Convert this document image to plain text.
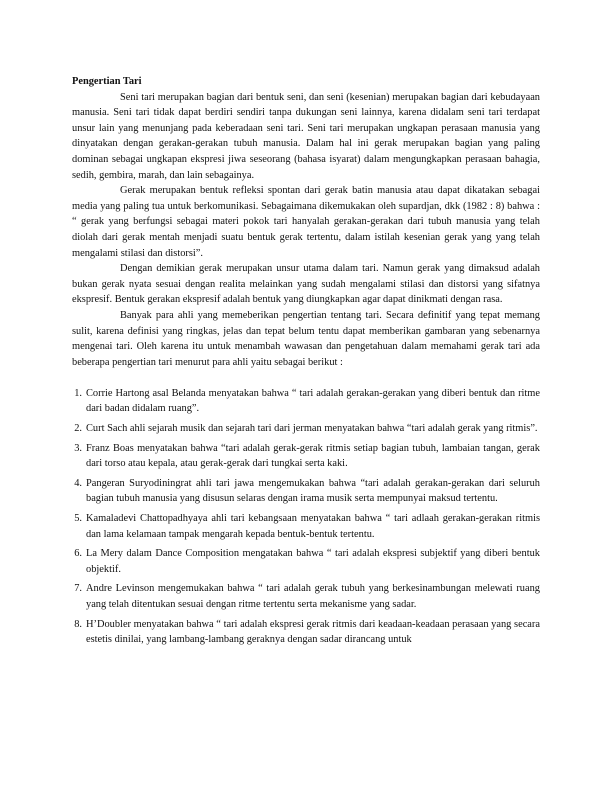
Pengertian Tari

Seni tari merupakan bagian dari bentuk seni, dan seni (kesenian) merupakan bagian dari kebudayaan manusia. Seni tari tidak dapat berdiri sendiri tanpa dukungan seni lainnya, karena didalam seni tari terdapat unsur lain yang menunjang pada keberadaan seni tari. Seni tari merupakan ungkapan perasaan manusia yang dinyatakan dengan gerakan-gerakan tubuh manusia. Dalam hal ini gerak merupakan bagian yang paling dominan sebagai ungkapan ekspresi jiwa seseorang (bahasa isyarat) dalam mengungkapkan perasaan bahagia, sedih, gembira, marah, dan lain sebagainya.

Gerak merupakan bentuk refleksi spontan dari gerak batin manusia atau dapat dikatakan sebagai media yang paling tua untuk berkomunikasi. Sebagaimana dikemukakan oleh supardjan, dkk (1982 : 8) bahwa : “ gerak yang berfungsi sebagai materi pokok tari hanyalah gerakan-gerakan dari tubuh manusia yang telah diolah dari gerak mentah menjadi suatu bentuk gerak tertentu, dalam istilah kesenian gerak yang yang telah mengalami stilasi dan distorsi”.

Dengan demikian gerak merupakan unsur utama dalam tari. Namun gerak yang dimaksud adalah bukan gerak nyata sesuai dengan realita melainkan yang sudah mengalami stilasi dan distorsi yang sifatnya ekspresif. Bentuk gerakan ekspresif adalah bentuk yang diungkapkan agar dapat dinikmati dengan rasa.

Banyak para ahli yang memeberikan pengertian tentang tari. Secara definitif yang tepat memang sulit, karena definisi yang ringkas, jelas dan tepat belum tentu dapat memberikan gambaran yang sebenarnya mengenai tari. Oleh karena itu untuk menambah wawasan dan pengetahuan dalam memahami gerak tari ada beberapa pengertian tari menurut para ahli yaitu sebagai berikut :

1. Corrie Hartong asal Belanda menyatakan bahwa “ tari adalah gerakan-gerakan yang diberi bentuk dan ritme dari badan didalam ruang”.
2. Curt Sach ahli sejarah musik dan sejarah tari dari jerman menyatakan bahwa “tari adalah gerak yang ritmis”.
3. Franz Boas menyatakan bahwa “tari adalah gerak-gerak ritmis setiap bagian tubuh, lambaian tangan, gerak dari torso atau kepala, atau gerak-gerak dari tungkai serta kaki.
4. Pangeran Suryodiningrat ahli tari jawa mengemukakan bahwa “tari adalah gerakan-gerakan dari seluruh bagian tubuh manusia yang disusun selaras dengan irama musik serta mempunyai maksud tertentu.
5. Kamaladevi Chattopadhyaya ahli tari kebangsaan menyatakan bahwa “ tari adlaah gerakan-gerakan ritmis dan lama kelamaan tampak mengarah kepada bentuk-bentuk tertentu.
6. La Mery dalam Dance Composition mengatakan bahwa “ tari adalah ekspresi subjektif yang diberi bentuk objektif.
7. Andre Levinson mengemukakan bahwa “ tari adalah gerak tubuh yang berkesinambungan melewati ruang yang telah ditentukan sesuai dengan ritme tertentu serta mekanisme yang sadar.
8. H’Doubler menyatakan bahwa “ tari adalah ekspresi gerak ritmis dari keadaan-keadaan perasaan yang secara estetis dinilai, yang lambang-lambang geraknya dengan sadar dirancang untuk
